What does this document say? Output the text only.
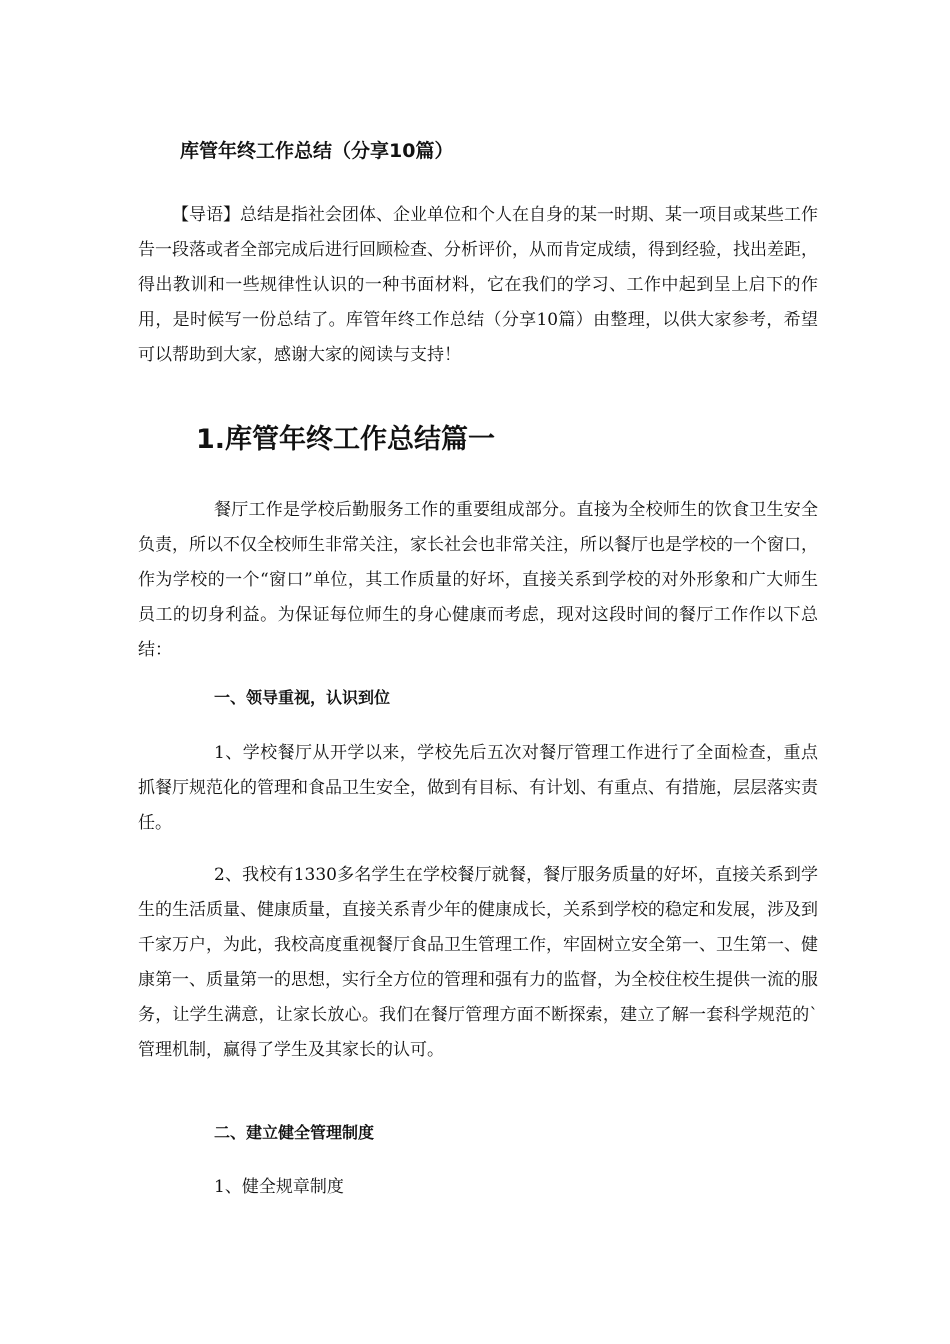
库管年终工作总结（分享10篇）

【导语】总结是指社会团体、企业单位和个人在自身的某一时期、某一项目或某些工作告一段落或者全部完成后进行回顾检查、分析评价，从而肯定成绩，得到经验，找出差距，得出教训和一些规律性认识的一种书面材料，它在我们的学习、工作中起到呈上启下的作用，是时候写一份总结了。库管年终工作总结（分享10篇）由整理，以供大家参考，希望可以帮助到大家，感谢大家的阅读与支持！

1.库管年终工作总结篇一

餐厅工作是学校后勤服务工作的重要组成部分。直接为全校师生的饮食卫生安全负责，所以不仅全校师生非常关注，家长社会也非常关注，所以餐厅也是学校的一个窗口，作为学校的一个“窗口”单位，其工作质量的好坏，直接关系到学校的对外形象和广大师生员工的切身利益。为保证每位师生的身心健康而考虑，现对这段时间的餐厅工作作以下总结：

一、领导重视，认识到位

1、学校餐厅从开学以来，学校先后五次对餐厅管理工作进行了全面检查，重点抓餐厅规范化的管理和食品卫生安全，做到有目标、有计划、有重点、有措施，层层落实责任。

2、我校有1330多名学生在学校餐厅就餐，餐厅服务质量的好坏，直接关系到学生的生活质量、健康质量，直接关系青少年的健康成长，关系到学校的稳定和发展，涉及到千家万户，为此，我校高度重视餐厅食品卫生管理工作，牢固树立安全第一、卫生第一、健康第一、质量第一的思想，实行全方位的管理和强有力的监督，为全校住校生提供一流的服务，让学生满意，让家长放心。我们在餐厅管理方面不断探索，建立了解一套科学规范的`管理机制，赢得了学生及其家长的认可。

二、建立健全管理制度

1、健全规章制度
